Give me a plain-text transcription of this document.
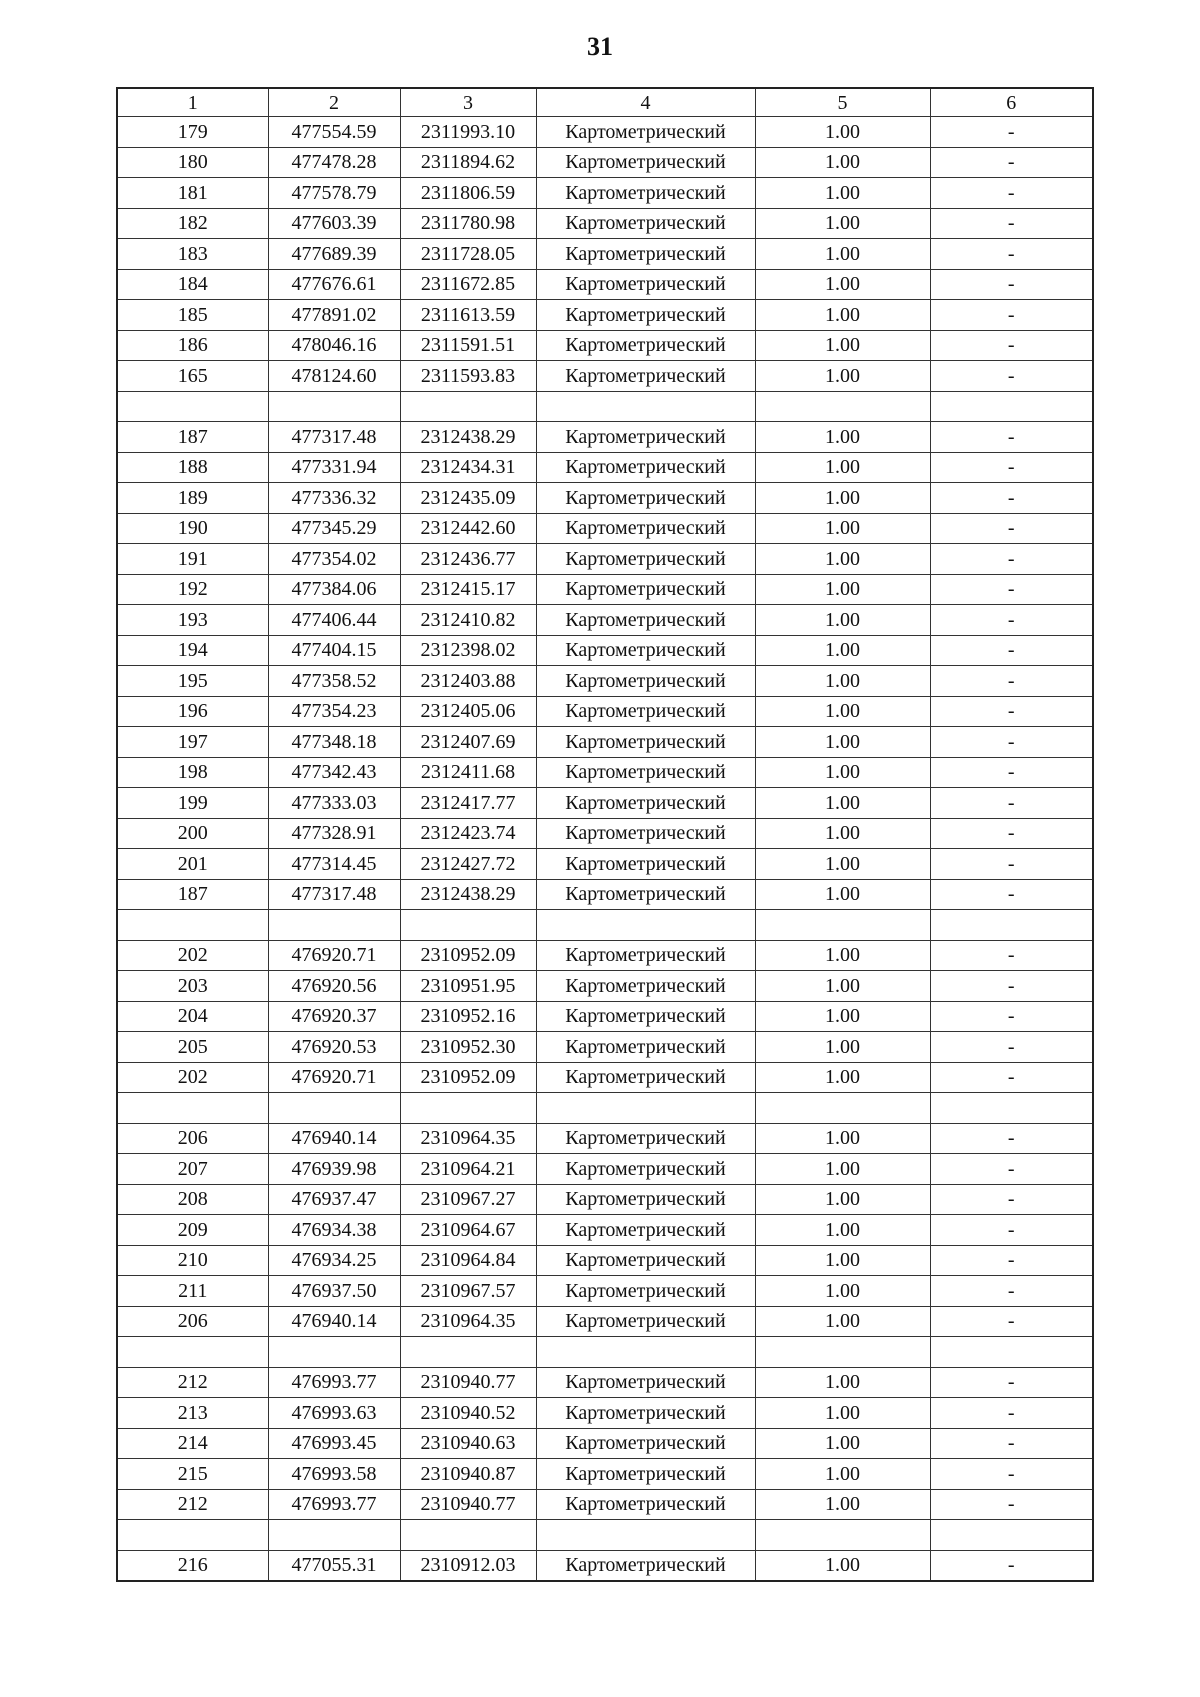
31
1	2	3	4	5	6
179	477554.59	2311993.10	Картометрический	1.00	-
180	477478.28	2311894.62	Картометрический	1.00	-
181	477578.79	2311806.59	Картометрический	1.00	-
182	477603.39	2311780.98	Картометрический	1.00	-
183	477689.39	2311728.05	Картометрический	1.00	-
184	477676.61	2311672.85	Картометрический	1.00	-
185	477891.02	2311613.59	Картометрический	1.00	-
186	478046.16	2311591.51	Картометрический	1.00	-
165	478124.60	2311593.83	Картометрический	1.00	-

187	477317.48	2312438.29	Картометрический	1.00	-
188	477331.94	2312434.31	Картометрический	1.00	-
189	477336.32	2312435.09	Картометрический	1.00	-
190	477345.29	2312442.60	Картометрический	1.00	-
191	477354.02	2312436.77	Картометрический	1.00	-
192	477384.06	2312415.17	Картометрический	1.00	-
193	477406.44	2312410.82	Картометрический	1.00	-
194	477404.15	2312398.02	Картометрический	1.00	-
195	477358.52	2312403.88	Картометрический	1.00	-
196	477354.23	2312405.06	Картометрический	1.00	-
197	477348.18	2312407.69	Картометрический	1.00	-
198	477342.43	2312411.68	Картометрический	1.00	-
199	477333.03	2312417.77	Картометрический	1.00	-
200	477328.91	2312423.74	Картометрический	1.00	-
201	477314.45	2312427.72	Картометрический	1.00	-
187	477317.48	2312438.29	Картометрический	1.00	-

202	476920.71	2310952.09	Картометрический	1.00	-
203	476920.56	2310951.95	Картометрический	1.00	-
204	476920.37	2310952.16	Картометрический	1.00	-
205	476920.53	2310952.30	Картометрический	1.00	-
202	476920.71	2310952.09	Картометрический	1.00	-

206	476940.14	2310964.35	Картометрический	1.00	-
207	476939.98	2310964.21	Картометрический	1.00	-
208	476937.47	2310967.27	Картометрический	1.00	-
209	476934.38	2310964.67	Картометрический	1.00	-
210	476934.25	2310964.84	Картометрический	1.00	-
211	476937.50	2310967.57	Картометрический	1.00	-
206	476940.14	2310964.35	Картометрический	1.00	-

212	476993.77	2310940.77	Картометрический	1.00	-
213	476993.63	2310940.52	Картометрический	1.00	-
214	476993.45	2310940.63	Картометрический	1.00	-
215	476993.58	2310940.87	Картометрический	1.00	-
212	476993.77	2310940.77	Картометрический	1.00	-

216	477055.31	2310912.03	Картометрический	1.00	-
